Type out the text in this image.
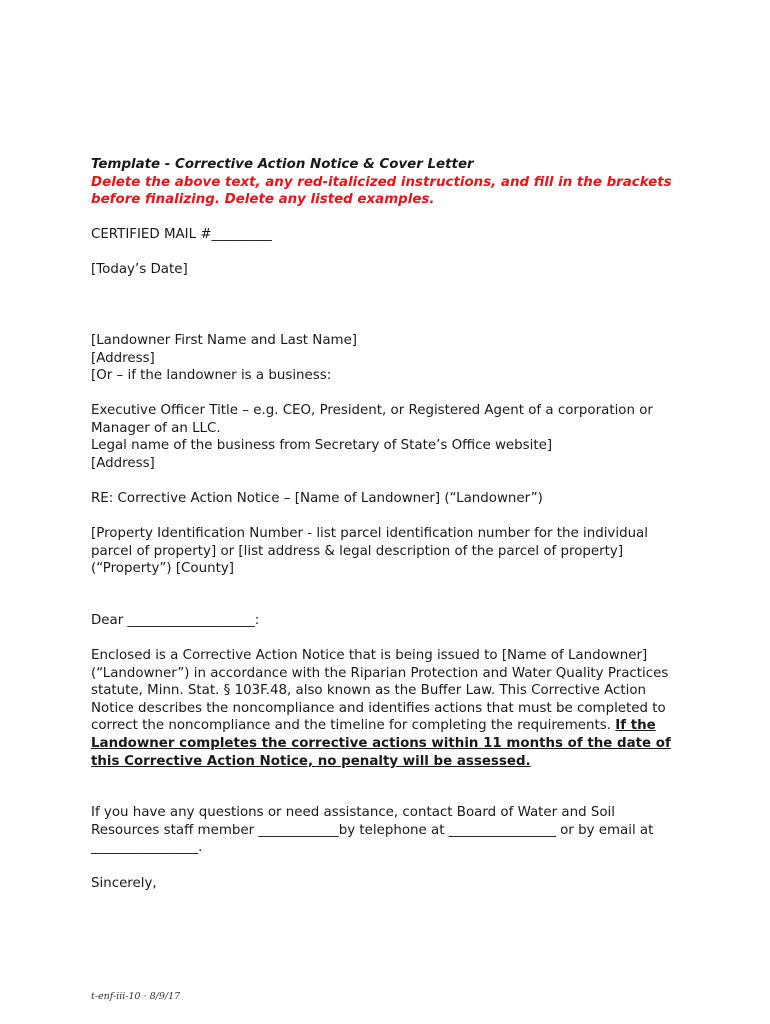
Template - Corrective Action Notice & Cover Letter

Delete the above text, any red-italicized instructions, and fill in the brackets before finalizing. Delete any listed examples.

CERTIFIED MAIL #_________

[Today’s Date]

[Landowner First Name and Last Name]

[Address]

[Or – if the landowner is a business:

Executive Officer Title – e.g. CEO, President, or Registered Agent of a corporation or Manager of an LLC.

Legal name of the business from Secretary of State’s Office website]

[Address]

RE: Corrective Action Notice – [Name of Landowner] (“Landowner”)

[Property Identification Number - list parcel identification number for the individual parcel of property] or [list address & legal description of the parcel of property] (“Property”) [County]

Dear ___________________:

Enclosed is a Corrective Action Notice that is being issued to [Name of Landowner] (“Landowner”) in accordance with the Riparian Protection and Water Quality Practices statute, Minn. Stat. § 103F.48, also known as the Buffer Law. This Corrective Action Notice describes the noncompliance and identifies actions that must be completed to correct the noncompliance and the timeline for completing the requirements. If the Landowner completes the corrective actions within 11 months of the date of this Corrective Action Notice, no penalty will be assessed.

If you have any questions or need assistance, contact Board of Water and Soil Resources staff member ____________by telephone at ________________ or by email at ________________.

Sincerely,

t-enf-iii-10 · 8/9/17
